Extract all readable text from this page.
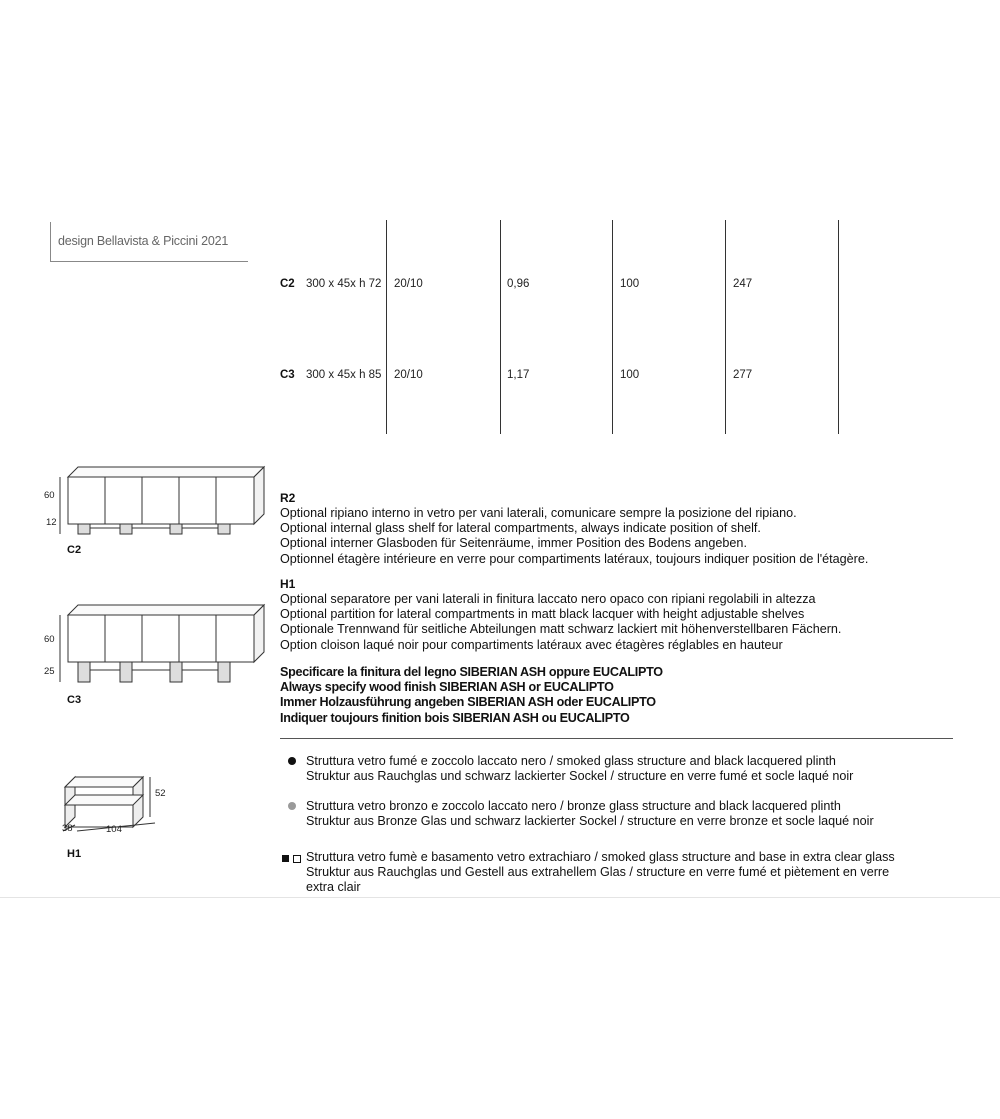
design Bellavista & Piccini 2021
C2 300 x 45x h 72 20/10	0,96	100	247
C3 300 x 45x h 85 20/10	1,17	100	277
60
12
C2
60
25
C3
52
38	104
H1
R2
Optional ripiano interno in vetro per vani laterali, comunicare sempre la posizione del ripiano.
Optional internal glass shelf for lateral compartments, always indicate position of shelf.
Optional interner Glasboden für Seitenräume, immer Position des Bodens angeben.
Optionnel étagère intérieure en verre pour compartiments latéraux, toujours indiquer position de l'étagère.
H1
Optional separatore per vani laterali in finitura laccato nero opaco con ripiani regolabili in altezza
Optional partition for lateral compartments in matt black lacquer with height adjustable shelves
Optionale Trennwand für seitliche Abteilungen matt schwarz lackiert mit höhenverstellbaren Fächern.
Option cloison laqué noir pour compartiments latéraux avec étagères réglables en hauteur
Specificare la finitura del legno SIBERIAN ASH oppure EUCALIPTO
Always specify wood finish SIBERIAN ASH or EUCALIPTO
Immer Holzausführung angeben SIBERIAN ASH oder EUCALIPTO
Indiquer toujours finition bois SIBERIAN ASH ou EUCALIPTO
Struttura vetro fumé e zoccolo laccato nero / smoked glass structure and black lacquered plinth
Struktur aus Rauchglas und schwarz lackierter Sockel / structure en verre fumé et socle laqué noir
Struttura vetro bronzo e zoccolo laccato nero / bronze glass structure and black lacquered plinth
Struktur aus Bronze Glas und schwarz lackierter Sockel / structure en verre bronze et socle laqué noir
Struttura vetro fumè e basamento vetro extrachiaro / smoked glass structure and base in extra clear glass
Struktur aus Rauchglas und Gestell aus extrahellem Glas / structure en verre fumé et piètement en verre
extra clair
